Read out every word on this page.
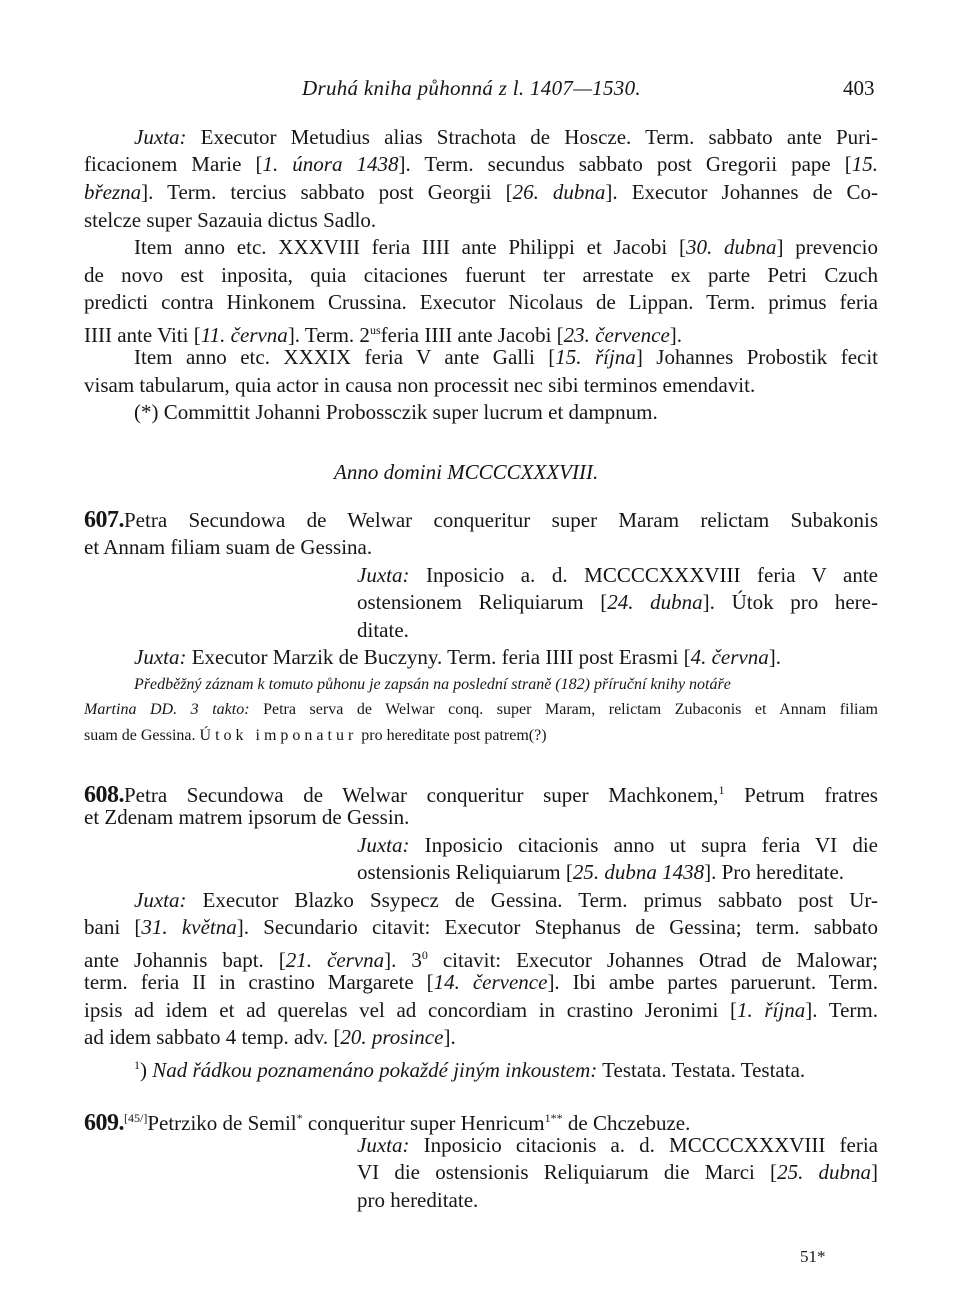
Druhá kniha půhonná z l. 1407—1530.	403
Juxta: Executor Metudius alias Strachota de Hoscze. Term. sabbato ante Puri-
ficacionem Marie [1. února 1438]. Term. secundus sabbato post Gregorii pape [15.
března]. Term. tercius sabbato post Georgii [26. dubna]. Executor Johannes de Co-
stelcze super Sazauia dictus Sadlo.
Item anno etc. XXXVIII feria IIII ante Philippi et Jacobi [30. dubna] prevencio
de novo est inposita, quia citaciones fuerunt ter arrestate ex parte Petri Czuch
predicti contra Hinkonem Crussina. Executor Nicolaus de Lippan. Term. primus feria
IIII ante Viti [11. června]. Term. $2^{us}feria$ IIII ante Jacobi [23. července].
Item anno etc. XXXIX feria V ante Galli [15. října] Johannes Probostik fecit
visam tabularum, quia actor in causa non processit nec sibi terminos emendavit.
(*) Committit Johanni Probossczik super lucrum et dampnum.
Anno domini MCCCCXXXVIII.
607.Petra Secundowa de Welwar conqueritur super Maram relictam Subakonis
et Annam filiam suam de Gessina.
Juxta: Inposicio a. d. MCCCCXXXVIII feria V ante
ostensionem Reliquiarum [24. dubna]. Útok pro here-
ditate.
Juxta: Executor Marzik de Buczyny. Term. feria IIII post Erasmi [4. června].
Předběžný záznam k tomuto půhonu je zapsán na poslední straně (182) příruční knihy notáře
Martina DD. 3 takto: Petra serva de Welwar conq. super Maram, relictam Zubaconis et Annam filiam
suam de Gessina. Útok imponatur pro hereditate post patrem(?)
608.Petra Secundowa de Welwar conqueritur super Machkonem,$^1$ Petrum fratres
et Zdenam matrem ipsorum de Gessin.
Juxta: Inposicio citacionis anno ut supra feria VI die
ostensionis Reliquiarum [25. dubna 1438]. Pro hereditate.
Juxta: Executor Blazko Ssypecz de Gessina. Term. primus sabbato post Ur-
bani [31. května]. Secundario citavit: Executor Stephanus de Gessina; term. sabbato
ante Johannis bapt. [21. června]. $3^0$ citavit: Executor Johannes Otrad de Malowar;
term. feria II in crastino Margarete [14. července]. Ibi ambe partes paruerunt. Term.
ipsis ad idem et ad querelas vel ad concordiam in crastino Jeronimi [1. října]. Term.
ad idem sabbato 4 temp. adv. [20. prosince].
$^1$) Nad řádkou poznamenáno pokaždé jiným inkoustem: Testata. Testata. Testata.
609.[45/]Petrziko de Semil* conqueritur super Henricum$^{1**}$ de Chczebuze.
Juxta: Inposicio citacionis a. d. MCCCCXXXVIII feria
VI die ostensionis Reliquiarum die Marci [25. dubna]
pro hereditate.
51*
